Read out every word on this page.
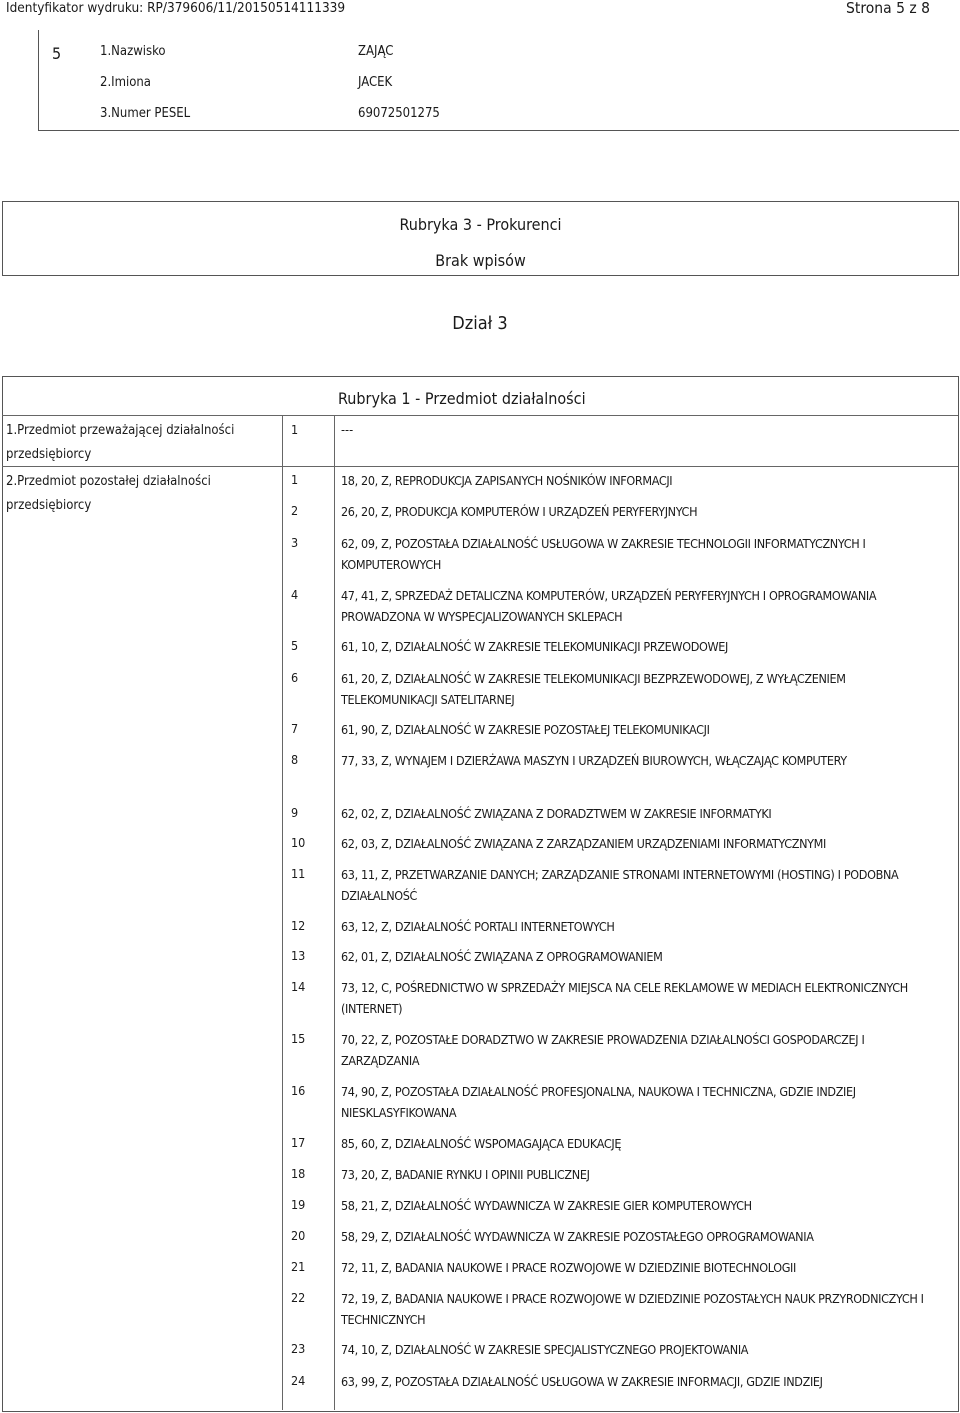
Identyfikator wydruku: RP/379606/11/20150514111339	Strona 5 z 8
5	1.Nazwisko	ZAJĄC
2.Imiona	JACEK
3.Numer PESEL	69072501275
Rubryka 3 - Prokurenci
Brak wpisów
Dział 3
Rubryka 1 - Przedmiot działalności
1.Przedmiot przeważającej działalności przedsiębiorcy
1	---
2.Przedmiot pozostałej działalności przedsiębiorcy
1	18, 20, Z, REPRODUKCJA ZAPISANYCH NOŚNIKÓW INFORMACJI
2	26, 20, Z, PRODUKCJA KOMPUTERÓW I URZĄDZEŃ PERYFERYJNYCH
3	62, 09, Z, POZOSTAŁA DZIAŁALNOŚĆ USŁUGOWA W ZAKRESIE TECHNOLOGII INFORMATYCZNYCH I KOMPUTEROWYCH
4	47, 41, Z, SPRZEDAŻ DETALICZNA KOMPUTERÓW, URZĄDZEŃ PERYFERYJNYCH I OPROGRAMOWANIA PROWADZONA W WYSPECJALIZOWANYCH SKLEPACH
5	61, 10, Z, DZIAŁALNOŚĆ W ZAKRESIE TELEKOMUNIKACJI PRZEWODOWEJ
6	61, 20, Z, DZIAŁALNOŚĆ W ZAKRESIE TELEKOMUNIKACJI BEZPRZEWODOWEJ, Z WYŁĄCZENIEM TELEKOMUNIKACJI SATELITARNEJ
7	61, 90, Z, DZIAŁALNOŚĆ W ZAKRESIE POZOSTAŁEJ TELEKOMUNIKACJI
8	77, 33, Z, WYNAJEM I DZIERŻAWA MASZYN I URZĄDZEŃ BIUROWYCH, WŁĄCZAJĄC KOMPUTERY
9	62, 02, Z, DZIAŁALNOŚĆ ZWIĄZANA Z DORADZTWEM W ZAKRESIE INFORMATYKI
10	62, 03, Z, DZIAŁALNOŚĆ ZWIĄZANA Z ZARZĄDZANIEM URZĄDZENIAMI INFORMATYCZNYMI
11	63, 11, Z, PRZETWARZANIE DANYCH; ZARZĄDZANIE STRONAMI INTERNETOWYMI (HOSTING) I PODOBNA DZIAŁALNOŚĆ
12	63, 12, Z, DZIAŁALNOŚĆ PORTALI INTERNETOWYCH
13	62, 01, Z, DZIAŁALNOŚĆ ZWIĄZANA Z OPROGRAMOWANIEM
14	73, 12, C, POŚREDNICTWO W SPRZEDAŻY MIEJSCA NA CELE REKLAMOWE W MEDIACH ELEKTRONICZNYCH (INTERNET)
15	70, 22, Z, POZOSTAŁE DORADZTWO W ZAKRESIE PROWADZENIA DZIAŁALNOŚCI GOSPODARCZEJ I ZARZĄDZANIA
16	74, 90, Z, POZOSTAŁA DZIAŁALNOŚĆ PROFESJONALNA, NAUKOWA I TECHNICZNA, GDZIE INDZIEJ NIESKLASYFIKOWANA
17	85, 60, Z, DZIAŁALNOŚĆ WSPOMAGAJĄCA EDUKACJĘ
18	73, 20, Z, BADANIE RYNKU I OPINII PUBLICZNEJ
19	58, 21, Z, DZIAŁALNOŚĆ WYDAWNICZA W ZAKRESIE GIER KOMPUTEROWYCH
20	58, 29, Z, DZIAŁALNOŚĆ WYDAWNICZA W ZAKRESIE POZOSTAŁEGO OPROGRAMOWANIA
21	72, 11, Z, BADANIA NAUKOWE I PRACE ROZWOJOWE W DZIEDZINIE BIOTECHNOLOGII
22	72, 19, Z, BADANIA NAUKOWE I PRACE ROZWOJOWE W DZIEDZINIE POZOSTAŁYCH NAUK PRZYRODNICZYCH I TECHNICZNYCH
23	74, 10, Z, DZIAŁALNOŚĆ W ZAKRESIE SPECJALISTYCZNEGO PROJEKTOWANIA
24	63, 99, Z, POZOSTAŁA DZIAŁALNOŚĆ USŁUGOWA W ZAKRESIE INFORMACJI, GDZIE INDZIEJ
